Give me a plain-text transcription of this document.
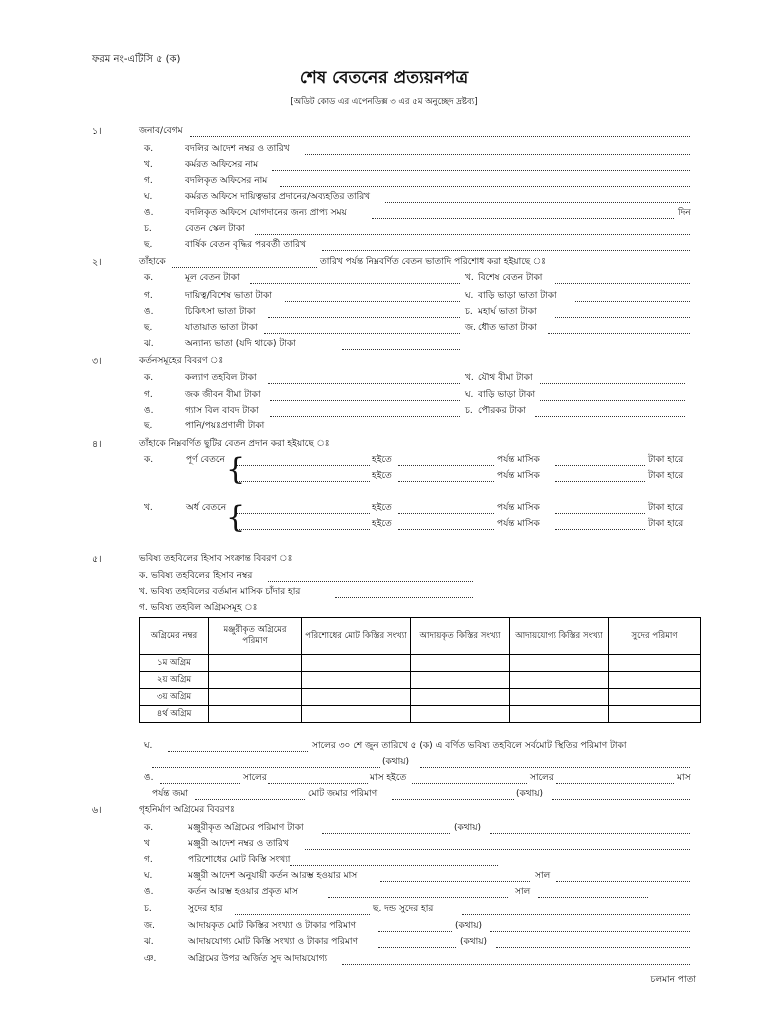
ফরম নং-এটিসি ৫ (ক)
শেষ বেতনের প্রত্যয়নপত্র
[অডিট কোড এর এপেনডিক্স ৩ এর ৫ম অনুচ্ছেদ দ্রষ্টব্য]
১।	জনাব/বেগম
ক.	বদলির আদেশ নম্বর ও তারিখ
খ.	কর্মরত অফিসের নাম
গ.	বদলিকৃত অফিসের নাম
ঘ.	কর্মরত অফিসে দায়িত্বভার প্রদানের/অব্যহতির তারিখ
ঙ.	বদলিকৃত অফিসে যোগদানের জন্য প্রাপ্য সময়	দিন
চ.	বেতন স্কেল টাকা
ছ.	বার্ষিক বেতন বৃদ্ধির পরবর্তী তারিখ
২।	তাঁহাকে	তারিখ পর্যন্ত নিম্নবর্ণিত বেতন ভাতাদি পরিশোধ করা হইয়াছে ঃ
ক.	মূল বেতন টাকা	খ. বিশেষ বেতন টাকা
গ.	দায়িত্ব/বিশেষ ভাতা টাকা	ঘ. বাড়ি ভাড়া ভাতা টাকা
ঙ.	চিকিৎসা ভাতা টাকা	চ. মহার্ঘ ভাতা টাকা
ছ.	যাতায়াত ভাতা টাকা	জ. ধৌত ভাতা টাকা
ঝ.	অন্যান্য ভাতা (যদি থাকে) টাকা
৩।	কর্তনসমূহের বিবরণ ঃ
ক.	কল্যাণ তহবিল টাকা	খ. যৌথ বীমা টাকা
গ.	জক জীবন বীমা টাকা	ঘ. বাড়ি ভাড়া টাকা
ঙ.	গ্যাস বিল বাবদ টাকা	চ. পৌরকর টাকা
ছ.	পানি/পয়ঃপ্রণালী টাকা
৪।	তাঁহাকে নিম্নবর্ণিত ছুটির বেতন প্রদান করা হইয়াছে ঃ
ক.	পূর্ণ বেতনে {	হইতে	পর্যন্ত মাসিক	টাকা হারে
হইতে	পর্যন্ত মাসিক	টাকা হারে
খ.	অর্ধ বেতনে {	হইতে	পর্যন্ত মাসিক	টাকা হারে
হইতে	পর্যন্ত মাসিক	টাকা হারে
৫।	ভবিষ্য তহবিলের হিসাব সংক্রান্ত বিবরণ ঃ
ক. ভবিষ্য তহবিলের হিসাব নম্বর
খ. ভবিষ্য তহবিলের বর্তমান মাসিক চাঁদার হার
গ. ভবিষ্য তহবিল অগ্রিমসমূহ ঃ
অগ্রিমের নম্বর	মঞ্জুরীকৃত অগ্রিমের পরিমাণ	পরিশোধের মোট কিস্তির সংখ্যা	আদায়কৃত কিস্তির সংখ্যা	আদায়যোগ্য কিস্তির সংখ্যা	সুদের পরিমাণ
১ম অগ্রিম					
২য় অগ্রিম					
৩য় অগ্রিম					
৪র্থ অগ্রিম					
ঘ.	সালের ৩০ শে জুন তারিখে ৫ (ক) এ বর্ণিত ভবিষ্য তহবিলে সর্বমোট স্থিতির পরিমাণ টাকা
(কথায়)
ঙ.	সালের	মাস হইতে	সালের	মাস
পর্যন্ত জমা	মোট জমার পরিমাণ	(কথায়)
৬।	গৃহনির্মাণ অগ্রিমের বিবরণঃ
ক.	মঞ্জুরীকৃত অগ্রিমের পরিমাণ টাকা	(কথায়)
খ	মঞ্জুরী আদেশ নম্বর ও তারিখ
গ.	পরিশোধের মোট কিস্তি সংখ্যা
ঘ.	মঞ্জুরী আদেশ অনুযায়ী কর্তন আরম্ভ হওয়ার মাস	সাল
ঙ.	কর্তন আরম্ভ হওয়ার প্রকৃত মাস	সাল
চ.	সুদের হার	ছ. দন্ড সুদের হার
জ.	আদায়কৃত মোট কিস্তির সংখ্যা ও টাকার পরিমাণ	(কথায়)
ঝ.	আদায়যোগ্য মোট কিস্তি সংখ্যা ও টাকার পরিমাণ	(কথায়)
ঞ.	অগ্রিমের উপর অর্জিত সুদ আদায়যোগ্য
চলমান পাতা
